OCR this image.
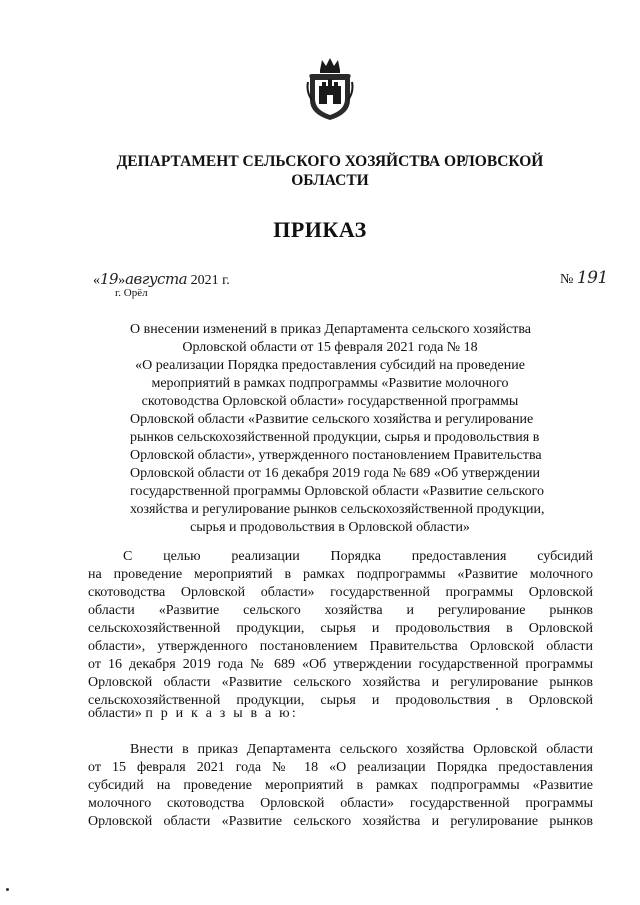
ДЕПАРТАМЕНТ СЕЛЬСКОГО ХОЗЯЙСТВА ОРЛОВСКОЙ
ОБЛАСТИ
ПРИКАЗ
«19»августа 2021 г.
г. Орёл
№ 191
О внесении изменений в приказ Департамента сельского хозяйства
Орловской области от 15 февраля 2021 года № 18
«О реализации Порядка предоставления субсидий на проведение
мероприятий в рамках подпрограммы «Развитие молочного
скотоводства Орловской области» государственной программы
Орловской области «Развитие сельского хозяйства и регулирование
рынков сельскохозяйственной продукции, сырья и продовольствия в
Орловской области», утвержденного постановлением Правительства
Орловской области от 16 декабря 2019 года № 689 «Об утверждении
государственной программы Орловской области «Развитие сельского
хозяйства и регулирование рынков сельскохозяйственной продукции,
сырья и продовольствия в Орловской области»
С целью реализации Порядка предоставления субсидий
на проведение мероприятий в рамках подпрограммы «Развитие молочного
скотоводства Орловской области» государственной программы Орловской
области «Развитие сельского хозяйства и регулирование рынков
сельскохозяйственной продукции, сырья и продовольствия в Орловской
области», утвержденного постановлением Правительства Орловской области
от 16 декабря 2019 года № 689 «Об утверждении государственной программы
Орловской области «Развитие сельского хозяйства и регулирование рынков
сельскохозяйственной продукции, сырья и продовольствия в Орловской
области» п р и к а з ы в а ю:
Внести в приказ Департамента сельского хозяйства Орловской области
от 15 февраля 2021 года № 18 «О реализации Порядка предоставления
субсидий на проведение мероприятий в рамках подпрограммы «Развитие
молочного скотоводства Орловской области» государственной программы
Орловской области «Развитие сельского хозяйства и регулирование рынков
